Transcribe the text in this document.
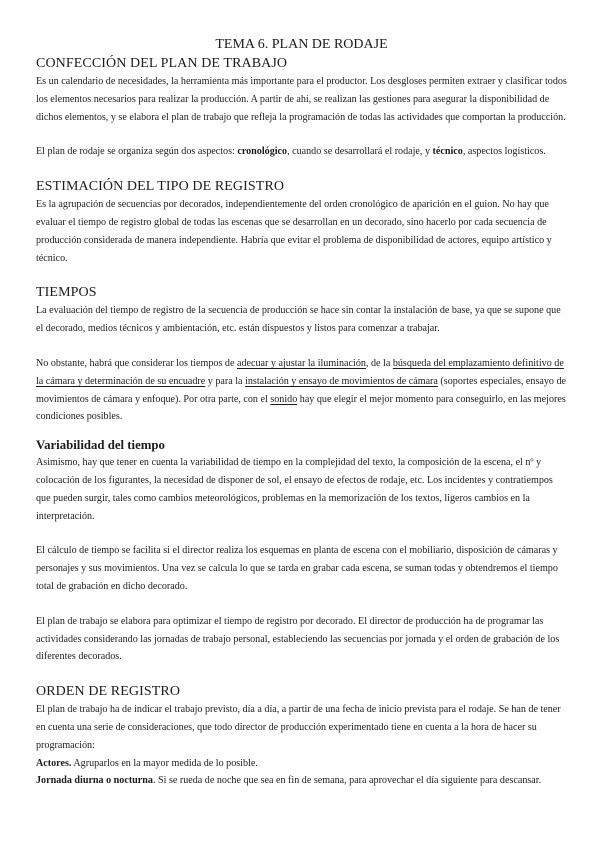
TEMA 6. PLAN DE RODAJE
CONFECCIÓN DEL PLAN DE TRABAJO

Es un calendario de necesidades, la herramienta más importante para el productor. Los desgloses permiten extraer y clasificar todos los elementos necesarios para realizar la producción. A partir de ahí, se realizan las gestiones para asegurar la disponibilidad de dichos elementos, y se elabora el plan de trabajo que refleja la programación de todas las actividades que comportan la producción.

El plan de rodaje se organiza según dos aspectos: cronológico, cuando se desarrollará el rodaje, y técnico, aspectos logísticos.

ESTIMACIÓN DEL TIPO DE REGISTRO

Es la agrupación de secuencias por decorados, independientemente del orden cronológico de aparición en el guion. No hay que evaluar el tiempo de registro global de todas las escenas que se desarrollan en un decorado, sino hacerlo por cada secuencia de producción considerada de manera independiente. Habría que evitar el problema de disponibilidad de actores, equipo artístico y técnico.

TIEMPOS

La evaluación del tiempo de registro de la secuencia de producción se hace sin contar la instalación de base, ya que se supone que el decorado, medios técnicos y ambientación, etc. están dispuestos y listos para comenzar a trabajar.

No obstante, habrá que considerar los tiempos de adecuar y ajustar la iluminación, de la búsqueda del emplazamiento definitivo de la cámara y determinación de su encuadre y para la instalación y ensayo de movimientos de cámara (soportes especiales, ensayo de movimientos de cámara y enfoque). Por otra parte, con el sonido hay que elegir el mejor momento para conseguirlo, en las mejores condiciones posibles.

Variabilidad del tiempo

Asimismo, hay que tener en cuenta la variabilidad de tiempo en la complejidad del texto, la composición de la escena, el nº y colocación de los figurantes, la necesidad de disponer de sol, el ensayo de efectos de rodaje, etc. Los incidentes y contratiempos que pueden surgir, tales como cambios meteorológicos, problemas en la memorización de los textos, ligeros cambios en la interpretación.

El cálculo de tiempo se facilita si el director realiza los esquemas en planta de escena con el mobiliario, disposición de cámaras y personajes y sus movimientos. Una vez se calcula lo que se tarda en grabar cada escena, se suman todas y obtendremos el tiempo total de grabación en dicho decorado.

El plan de trabajo se elabora para optimizar el tiempo de registro por decorado. El director de producción ha de programar las actividades considerando las jornadas de trabajo personal, estableciendo las secuencias por jornada y el orden de grabación de los diferentes decorados.

ORDEN DE REGISTRO

El plan de trabajo ha de indicar el trabajo previsto, día a día, a partir de una fecha de inicio prevista para el rodaje. Se han de tener en cuenta una serie de consideraciones, que todo director de producción experimentado tiene en cuenta a la hora de hacer su programación:

Actores. Agruparlos en la mayor medida de lo posible.

Jornada diurna o nocturna. Si se rueda de noche que sea en fin de semana, para aprovechar el día siguiente para descansar.
